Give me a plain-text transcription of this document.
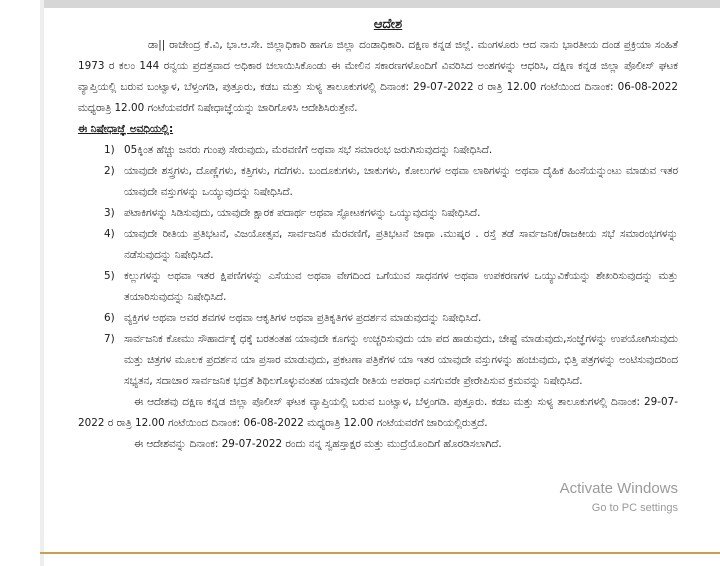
ಆದೇಶ
ಡಾ|| ರಾಜೇಂದ್ರ ಕೆ.ವಿ, ಭಾ.ಆ.ಸೇ. ಜಿಲ್ಲಾಧಿಕಾರಿ ಹಾಗೂ ಜಿಲ್ಲಾ ದಂಡಾಧಿಕಾರಿ. ದಕ್ಷಿಣ ಕನ್ನಡ ಜಿಲ್ಲೆ. ಮಂಗಳೂರು ಆದ ನಾನು ಭಾರತೀಯ ದಂಡ ಪ್ರಕ್ರಿಯಾ ಸಂಹಿತೆ 1973 ರ ಕಲಂ 144 ರನ್ವಯ ಪ್ರದತ್ತವಾದ ಅಧಿಕಾರ ಚಲಾಯಿಸಿಕೊಂಡು ಈ ಮೇಲಿನ ಸಕಾರಣಗಳೊಂದಿಗೆ ವಿವರಿಸಿದ ಅಂಶಗಳನ್ನು ಆಧರಿಸಿ, ದಕ್ಷಿಣ ಕನ್ನಡ ಜಿಲ್ಲಾ ಪೊಲೀಸ್ ಘಟಕ ವ್ಯಾಪ್ತಿಯಲ್ಲಿ ಬರುವ ಬಂಟ್ವಾಳ, ಬೆಳ್ತಂಗಡಿ, ಪುತ್ತೂರು, ಕಡಬ ಮತ್ತು ಸುಳ್ಯ ತಾಲೂಕುಗಳಲ್ಲಿ ದಿನಾಂಕ: 29-07-2022 ರ ರಾತ್ರಿ 12.00 ಗಂಟೆಯಿಂದ ದಿನಾಂಕ: 06-08-2022 ಮಧ್ಯರಾತ್ರಿ 12.00 ಗಂಟೆಯವರೆಗೆ ನಿಷೇಧಾಜ್ಞೆಯನ್ನು ಜಾರಿಗೊಳಿಸಿ ಆದೇಶಿಸಿರುತ್ತೇನೆ.
ಈ ನಿಷೇಧಾಜ್ಞೆ ಅವಧಿಯಲ್ಲಿ:
1) 05ಕ್ಕಿಂತ ಹೆಚ್ಚು ಜನರು ಗುಂಪು ಸೇರುವುದು, ಮೆರವಣಿಗೆ ಅಥವಾ ಸಭೆ ಸಮಾರಂಭ ಜರುಗಿಸುವುದನ್ನು ನಿಷೇಧಿಸಿದೆ.
2) ಯಾವುದೇ ಶಸ್ತ್ರಗಳು, ದೊಣ್ಣೆಗಳು, ಕತ್ತಿಗಳು, ಗದೆಗಳು. ಬಂದೂಕುಗಳು, ಚಾಕುಗಳು, ಕೋಲುಗಳ ಅಥವಾ ಲಾಠಿಗಳನ್ನು ಅಥವಾ ದೈಹಿಕ ಹಿಂಸೆಯನ್ನುಂಟು ಮಾಡುವ ಇತರ ಯಾವುದೇ ವಸ್ತುಗಳನ್ನು ಒಯ್ಯುವುದನ್ನು ನಿಷೇಧಿಸಿದೆ.
3) ಪಟಾಕಿಗಳನ್ನು ಸಿಡಿಸುವುದು, ಯಾವುದೇ ಕ್ಷಾರಕ ಪದಾರ್ಥ ಅಥವಾ ಸ್ಫೋಟಕಗಳನ್ನು ಒಯ್ಯುವುದನ್ನು ನಿಷೇಧಿಸಿದೆ.
4) ಯಾವುದೇ ರೀತಿಯ ಪ್ರತಿಭಟನೆ, ವಿಜಯೋತ್ಸವ, ಸಾರ್ವಜನಿಕ ಮೆರವಣಿಗೆ, ಪ್ರತಿಭಟನೆ ಜಾಥಾ .ಮುಷ್ಕರ . ರಸ್ತೆ ತಡೆ ಸಾರ್ವಜನಿಕ/ರಾಜಕೀಯ ಸಭೆ ಸಮಾರಂಭಗಳನ್ನು ನಡೆಸುವುದನ್ನು ನಿಷೇಧಿಸಿದೆ.
5) ಕಲ್ಲುಗಳನ್ನು ಅಥವಾ ಇತರ ಕ್ಷಿಪಣಿಗಳನ್ನು ಎಸೆಯುವ ಅಥವಾ ವೇಗದಿಂದ ಒಗೆಯುವ ಸಾಧನಗಳ ಅಥವಾ ಉಪಕರಣಗಳ ಒಯ್ಯುವಿಕೆಯನ್ನು ಶೇಖರಿಸುವುದನ್ನು ಮತ್ತು ತಯಾರಿಸುವುದನ್ನು ನಿಷೇಧಿಸಿದೆ.
6) ವ್ಯಕ್ತಿಗಳ ಅಥವಾ ಅವರ ಶವಗಳ ಅಥವಾ ಆಕೃತಿಗಳ ಅಥವಾ ಪ್ರತಿಕೃತಿಗಳ ಪ್ರದರ್ಶನ ಮಾಡುವುದನ್ನು ನಿಷೇಧಿಸಿದೆ.
7) ಸಾರ್ವಜನಿಕ ಕೋಮು ಸೌಹಾರ್ದಕ್ಕೆ ಧಕ್ಕೆ ಬರತಂತಹ ಯಾವುದೇ ಕೂಗನ್ನು ಉಚ್ಚರಿಸುವುದು ಯಾ ಪದ ಹಾಡುವುದು, ಚೇಷ್ಟೆ ಮಾಡುವುದು,ಸಂಜ್ಞೆಗಳನ್ನು ಉಪಯೋಗಿಸುವುದು ಮತ್ತು ಚಿತ್ರಗಳ ಮೂಲಕ ಪ್ರದರ್ಶನ ಯಾ ಪ್ರಸಾರ ಮಾಡುವುದು, ಪ್ರಕಟಣಾ ಪತ್ರಿಕೆಗಳ ಯಾ ಇತರ ಯಾವುದೇ ವಸ್ತುಗಳನ್ನು ಹಂಚುವುದು, ಭಿತ್ತಿ ಪತ್ರಗಳನ್ನು ಅಂಟಿಸುವುದರಿಂದ ಸಭ್ಯತನ, ಸದಾಚಾರ ಸಾರ್ವಜನಿಕ ಭದ್ರತೆ ಶಿಥಿಲಗೊಳ್ಳುವಂತಹ ಯಾವುದೇ ರೀತಿಯ ಅಪರಾಧ ಎಸಗುವರೇ ಪ್ರೇರೇಪಿಸುವ ಕ್ರಮವನ್ನು ನಿಷೇಧಿಸಿದೆ.
ಈ ಆದೇಶವು ದಕ್ಷಿಣ ಕನ್ನಡ ಜಿಲ್ಲಾ ಪೊಲೀಸ್ ಘಟಕ ವ್ಯಾಪ್ತಿಯಲ್ಲಿ ಬರುವ ಬಂಟ್ವಾಳ, ಬೆಳ್ತಂಗಡಿ. ಪುತ್ತೂರು. ಕಡಬ ಮತ್ತು ಸುಳ್ಯ ತಾಲೂಕುಗಳಲ್ಲಿ ದಿನಾಂಕ: 29-07-2022 ರ ರಾತ್ರಿ 12.00 ಗಂಟೆಯಿಂದ ದಿನಾಂಕ: 06-08-2022 ಮಧ್ಯರಾತ್ರಿ 12.00 ಗಂಟೆಯವರೆಗೆ ಜಾರಿಯಲ್ಲಿರುತ್ತದೆ.
ಈ ಆದೇಶವನ್ನು ದಿನಾಂಕ: 29-07-2022 ರಂದು ನನ್ನ ಸ್ವಹಸ್ತಾಕ್ಷರ ಮತ್ತು ಮುದ್ರೆಯೊಂದಿಗೆ ಹೊರಡಿಸಲಾಗಿದೆ.
Activate Windows
Go to PC settings
